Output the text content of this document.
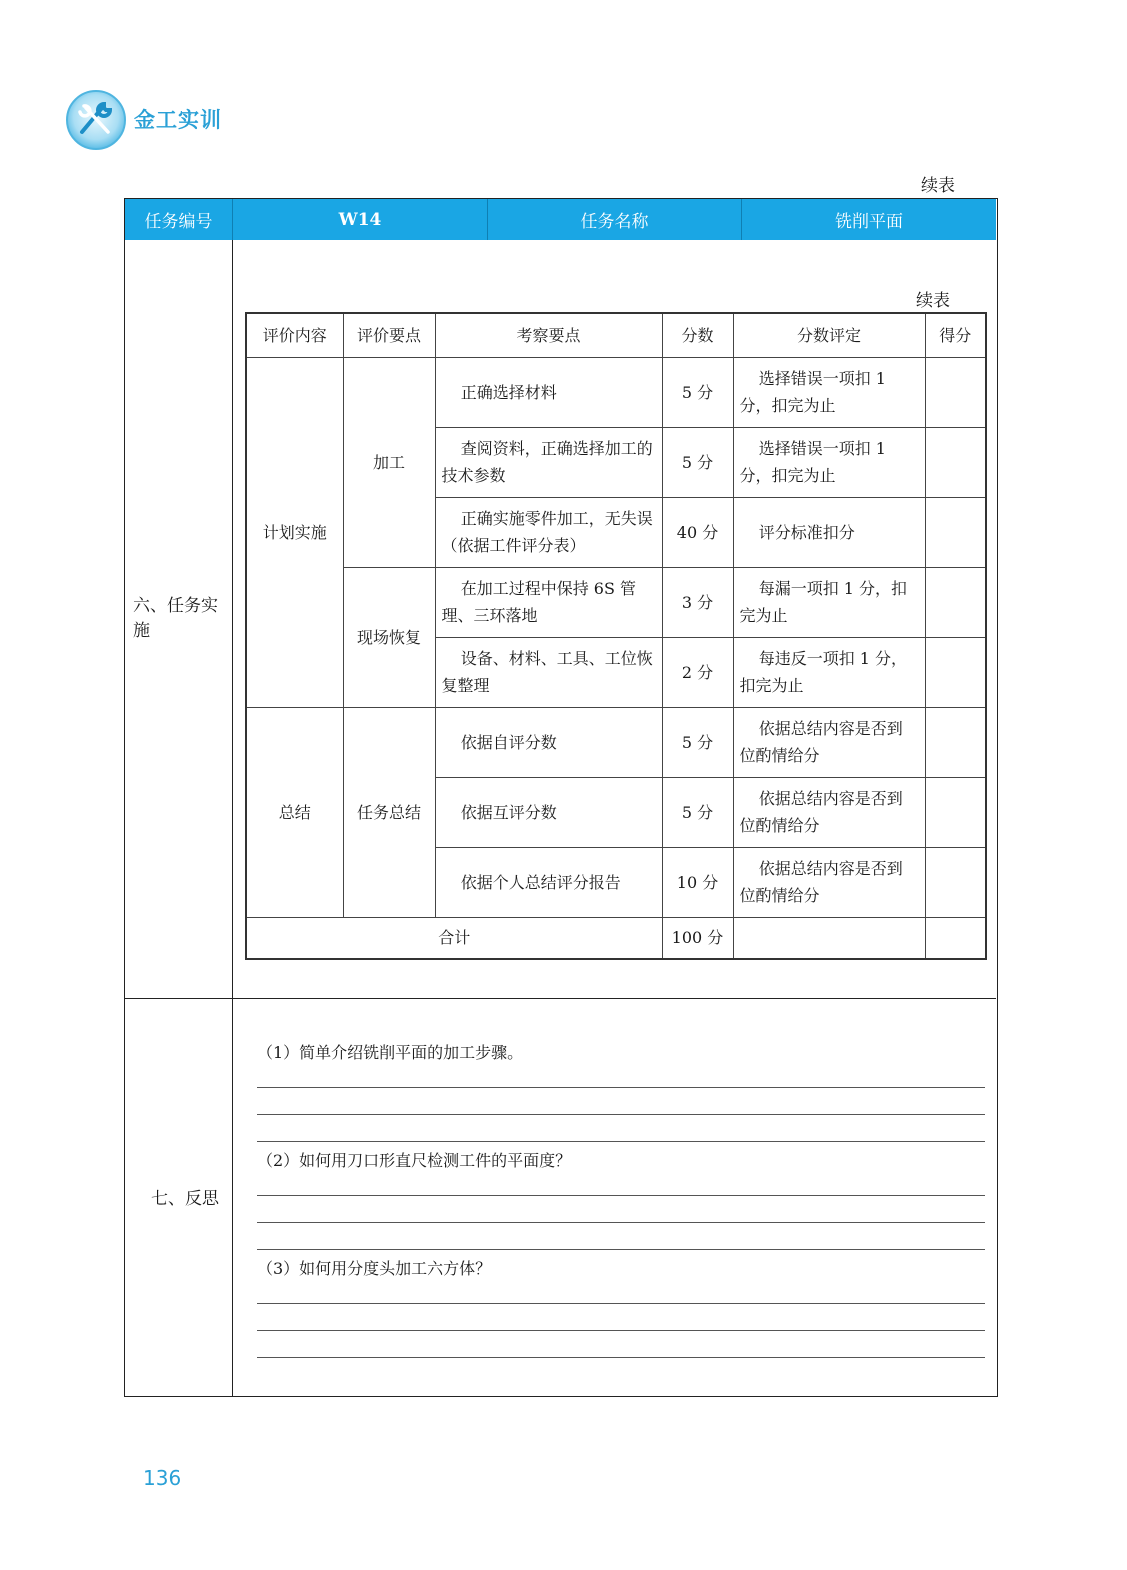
金工实训
续表
任务编号	W14	任务名称	铣削平面
六、任务实施
七、反思
续表
评价内容	评价要点	考察要点	分数	分数评定	得分
计划实施	加工	正确选择材料	5 分	选择错误一项扣 1 分，扣完为止	
		查阅资料，正确选择加工的技术参数	5 分	选择错误一项扣 1 分，扣完为止	
		正确实施零件加工，无失误（依据工件评分表）	40 分	评分标准扣分	
	现场恢复	在加工过程中保持 6S 管理、三环落地	3 分	每漏一项扣 1 分，扣完为止	
		设备、材料、工具、工位恢复整理	2 分	每违反一项扣 1 分，扣完为止	
总结	任务总结	依据自评分数	5 分	依据总结内容是否到位酌情给分	
		依据互评分数	5 分	依据总结内容是否到位酌情给分	
		依据个人总结评分报告	10 分	依据总结内容是否到位酌情给分	
合计			100 分		
（1）简单介绍铣削平面的加工步骤。
（2）如何用刀口形直尺检测工件的平面度？
（3）如何用分度头加工六方体？
136
